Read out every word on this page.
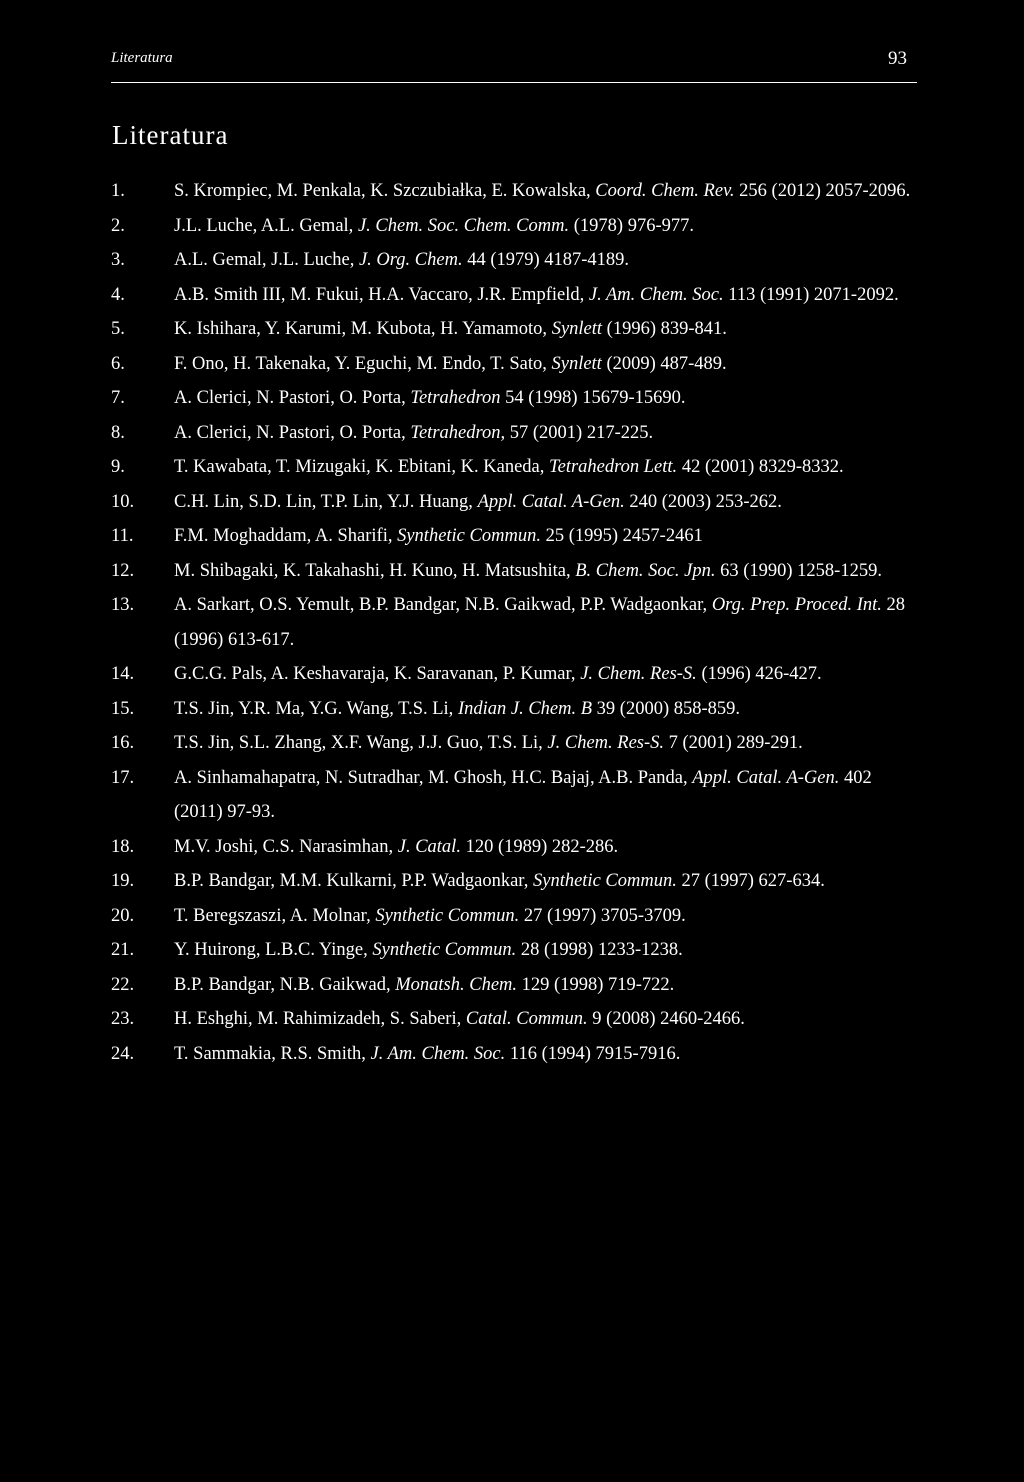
Literatura	93
Literatura
1.	S. Krompiec, M. Penkala, K. Szczubiałka, E. Kowalska, Coord. Chem. Rev. 256 (2012) 2057-2096.
2.	J.L. Luche, A.L. Gemal, J. Chem. Soc. Chem. Comm. (1978) 976-977.
3.	A.L. Gemal, J.L. Luche, J. Org. Chem. 44 (1979) 4187-4189.
4.	A.B. Smith III, M. Fukui, H.A. Vaccaro, J.R. Empfield, J. Am. Chem. Soc. 113 (1991) 2071-2092.
5.	K. Ishihara, Y. Karumi, M. Kubota, H. Yamamoto, Synlett (1996) 839-841.
6.	F. Ono, H. Takenaka, Y. Eguchi, M. Endo, T. Sato, Synlett (2009) 487-489.
7.	A. Clerici, N. Pastori, O. Porta, Tetrahedron 54 (1998) 15679-15690.
8.	A. Clerici, N. Pastori, O. Porta, Tetrahedron, 57 (2001) 217-225.
9.	T. Kawabata, T. Mizugaki, K. Ebitani, K. Kaneda, Tetrahedron Lett. 42 (2001) 8329-8332.
10.	C.H. Lin, S.D. Lin, T.P. Lin, Y.J. Huang, Appl. Catal. A-Gen. 240 (2003) 253-262.
11.	F.M. Moghaddam, A. Sharifi, Synthetic Commun. 25 (1995) 2457-2461
12.	M. Shibagaki, K. Takahashi, H. Kuno, H. Matsushita, B. Chem. Soc. Jpn. 63 (1990) 1258-1259.
13.	A. Sarkart, O.S. Yemult, B.P. Bandgar, N.B. Gaikwad, P.P. Wadgaonkar, Org. Prep. Proced. Int. 28 (1996) 613-617.
14.	G.C.G. Pals, A. Keshavaraja, K. Saravanan, P. Kumar, J. Chem. Res-S. (1996) 426-427.
15.	T.S. Jin, Y.R. Ma, Y.G. Wang, T.S. Li, Indian J. Chem. B 39 (2000) 858-859.
16.	T.S. Jin, S.L. Zhang, X.F. Wang, J.J. Guo, T.S. Li, J. Chem. Res-S. 7 (2001) 289-291.
17.	A. Sinhamahapatra, N. Sutradhar, M. Ghosh, H.C. Bajaj, A.B. Panda, Appl. Catal. A-Gen. 402 (2011) 97-93.
18.	M.V. Joshi, C.S. Narasimhan, J. Catal. 120 (1989) 282-286.
19.	B.P. Bandgar, M.M. Kulkarni, P.P. Wadgaonkar, Synthetic Commun. 27 (1997) 627-634.
20.	T. Beregszaszi, A. Molnar, Synthetic Commun. 27 (1997) 3705-3709.
21.	Y. Huirong, L.B.C. Yinge, Synthetic Commun. 28 (1998) 1233-1238.
22.	B.P. Bandgar, N.B. Gaikwad, Monatsh. Chem. 129 (1998) 719-722.
23.	H. Eshghi, M. Rahimizadeh, S. Saberi, Catal. Commun. 9 (2008) 2460-2466.
24.	T. Sammakia, R.S. Smith, J. Am. Chem. Soc. 116 (1994) 7915-7916.
